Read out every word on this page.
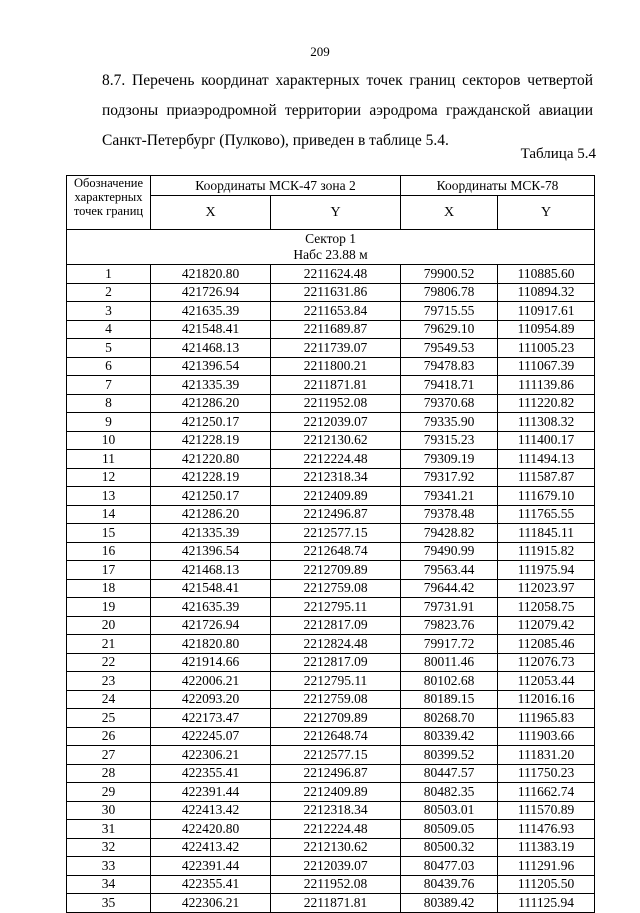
209
8.7. Перечень координат характерных точек границ секторов четвертой подзоны приаэродромной территории аэродрома гражданской авиации Санкт-Петербург (Пулково), приведен в таблице 5.4.
Таблица 5.4
Обозначение
характерных
точек границ	Координаты МСК-47 зона 2		Координаты МСК-78	
	X	Y	X	Y

Сектор 1
Набс 23.88 м				

1	421820.80	2211624.48	79900.52	110885.60
2	421726.94	2211631.86	79806.78	110894.32
3	421635.39	2211653.84	79715.55	110917.61
4	421548.41	2211689.87	79629.10	110954.89
5	421468.13	2211739.07	79549.53	111005.23
6	421396.54	2211800.21	79478.83	111067.39
7	421335.39	2211871.81	79418.71	111139.86
8	421286.20	2211952.08	79370.68	111220.82
9	421250.17	2212039.07	79335.90	111308.32
10	421228.19	2212130.62	79315.23	111400.17
11	421220.80	2212224.48	79309.19	111494.13
12	421228.19	2212318.34	79317.92	111587.87
13	421250.17	2212409.89	79341.21	111679.10
14	421286.20	2212496.87	79378.48	111765.55
15	421335.39	2212577.15	79428.82	111845.11
16	421396.54	2212648.74	79490.99	111915.82
17	421468.13	2212709.89	79563.44	111975.94
18	421548.41	2212759.08	79644.42	112023.97
19	421635.39	2212795.11	79731.91	112058.75
20	421726.94	2212817.09	79823.76	112079.42
21	421820.80	2212824.48	79917.72	112085.46
22	421914.66	2212817.09	80011.46	112076.73
23	422006.21	2212795.11	80102.68	112053.44
24	422093.20	2212759.08	80189.15	112016.16
25	422173.47	2212709.89	80268.70	111965.83
26	422245.07	2212648.74	80339.42	111903.66
27	422306.21	2212577.15	80399.52	111831.20
28	422355.41	2212496.87	80447.57	111750.23
29	422391.44	2212409.89	80482.35	111662.74
30	422413.42	2212318.34	80503.01	111570.89
31	422420.80	2212224.48	80509.05	111476.93
32	422413.42	2212130.62	80500.32	111383.19
33	422391.44	2212039.07	80477.03	111291.96
34	422355.41	2211952.08	80439.76	111205.50
35	422306.21	2211871.81	80389.42	111125.94
